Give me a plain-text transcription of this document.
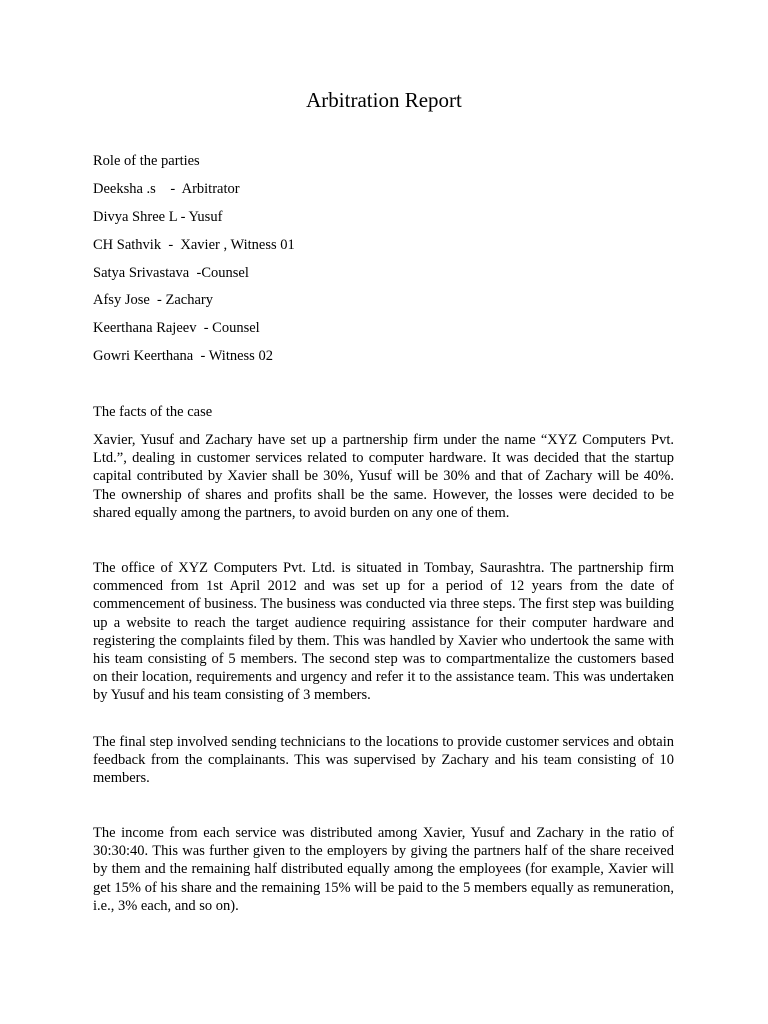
Arbitration Report

Role of the parties

Deeksha .s    -  Arbitrator

Divya Shree L - Yusuf

CH Sathvik  -  Xavier , Witness 01

Satya Srivastava  -Counsel

Afsy Jose  - Zachary

Keerthana Rajeev  - Counsel

Gowri Keerthana  - Witness 02

The facts of the case

Xavier, Yusuf and Zachary have set up a partnership firm under the name “XYZ Computers Pvt. Ltd.”, dealing in customer services related to computer hardware. It was decided that the startup capital contributed by Xavier shall be 30%, Yusuf will be 30% and that of Zachary will be 40%. The ownership of shares and profits shall be the same. However, the losses were decided to be shared equally among the partners, to avoid burden on any one of them.

The office of XYZ Computers Pvt. Ltd. is situated in Tombay, Saurashtra. The partnership firm commenced from 1st April 2012 and was set up for a period of 12 years from the date of commencement of business. The business was conducted via three steps. The first step was building up a website to reach the target audience requiring assistance for their computer hardware and registering the complaints filed by them. This was handled by Xavier who undertook the same with his team consisting of 5 members. The second step was to compartmentalize the customers based on their location, requirements and urgency and refer it to the assistance team. This was undertaken by Yusuf and his team consisting of 3 members.

The final step involved sending technicians to the locations to provide customer services and obtain feedback from the complainants. This was supervised by Zachary and his team consisting of 10 members.

The income from each service was distributed among Xavier, Yusuf and Zachary in the ratio of 30:30:40. This was further given to the employers by giving the partners half of the share received by them and the remaining half distributed equally among the employees (for example, Xavier will get 15% of his share and the remaining 15% will be paid to the 5 members equally as remuneration, i.e., 3% each, and so on).
